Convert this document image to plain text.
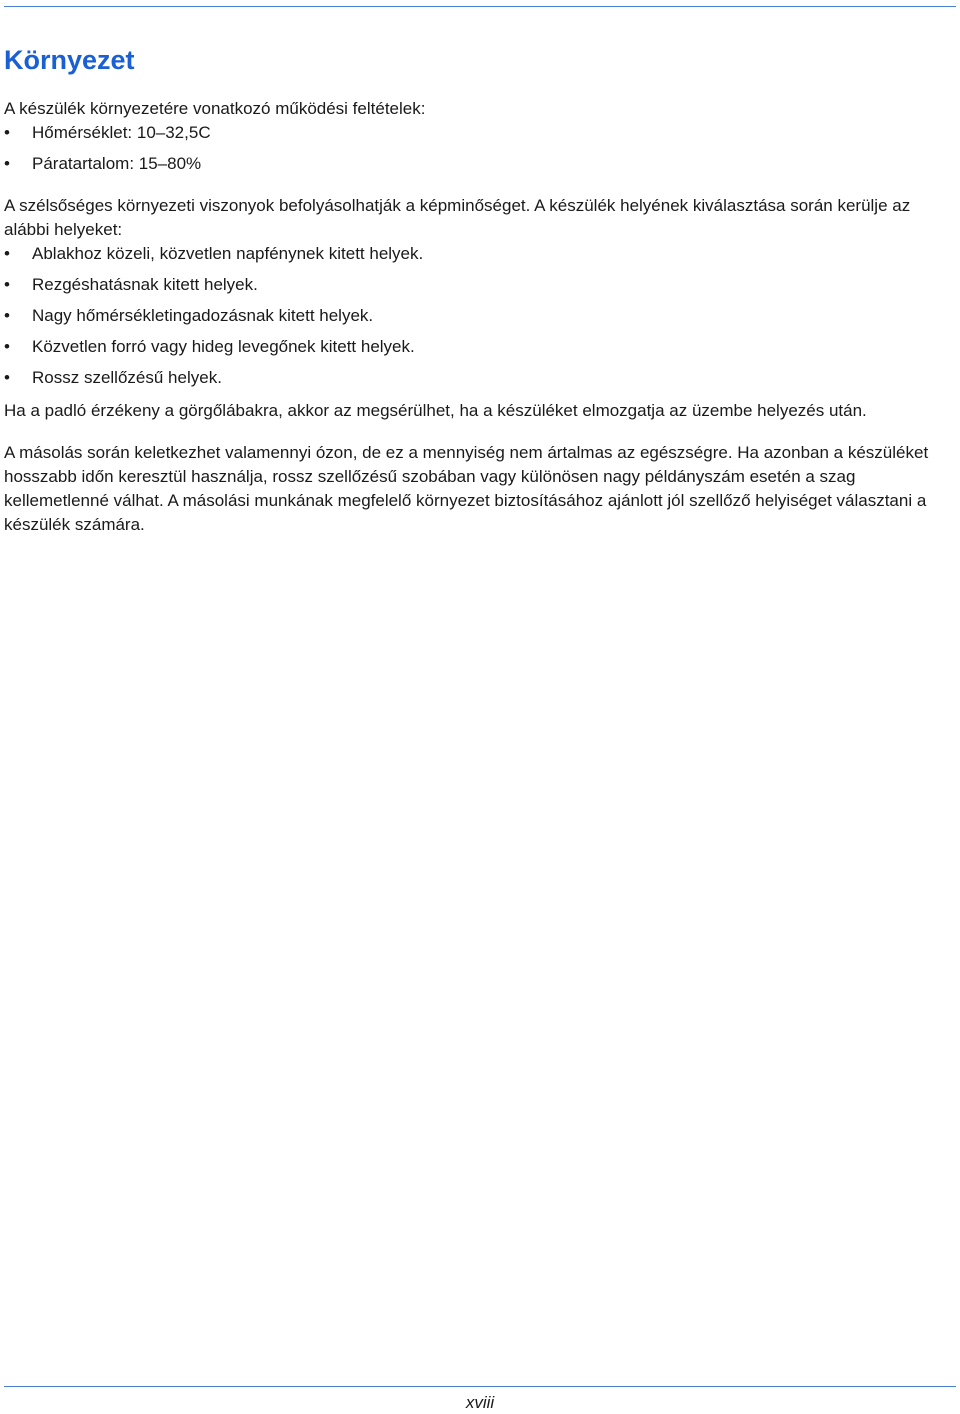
Környezet

A készülék környezetére vonatkozó működési feltételek:

•	Hőmérséklet: 10–32,5C
•	Páratartalom: 15–80%

A szélsőséges környezeti viszonyok befolyásolhatják a képminőséget. A készülék helyének kiválasztása során kerülje az alábbi helyeket:

•	Ablakhoz közeli, közvetlen napfénynek kitett helyek.
•	Rezgéshatásnak kitett helyek.
•	Nagy hőmérsékletingadozásnak kitett helyek.
•	Közvetlen forró vagy hideg levegőnek kitett helyek.
•	Rossz szellőzésű helyek.

Ha a padló érzékeny a görgőlábakra, akkor az megsérülhet, ha a készüléket elmozgatja az üzembe helyezés után.

A másolás során keletkezhet valamennyi ózon, de ez a mennyiség nem ártalmas az egészségre. Ha azonban a készüléket hosszabb időn keresztül használja, rossz szellőzésű szobában vagy különösen nagy példányszám esetén a szag kellemetlenné válhat. A másolási munkának megfelelő környezet biztosításához ajánlott jól szellőző helyiséget választani a készülék számára.

xviii
